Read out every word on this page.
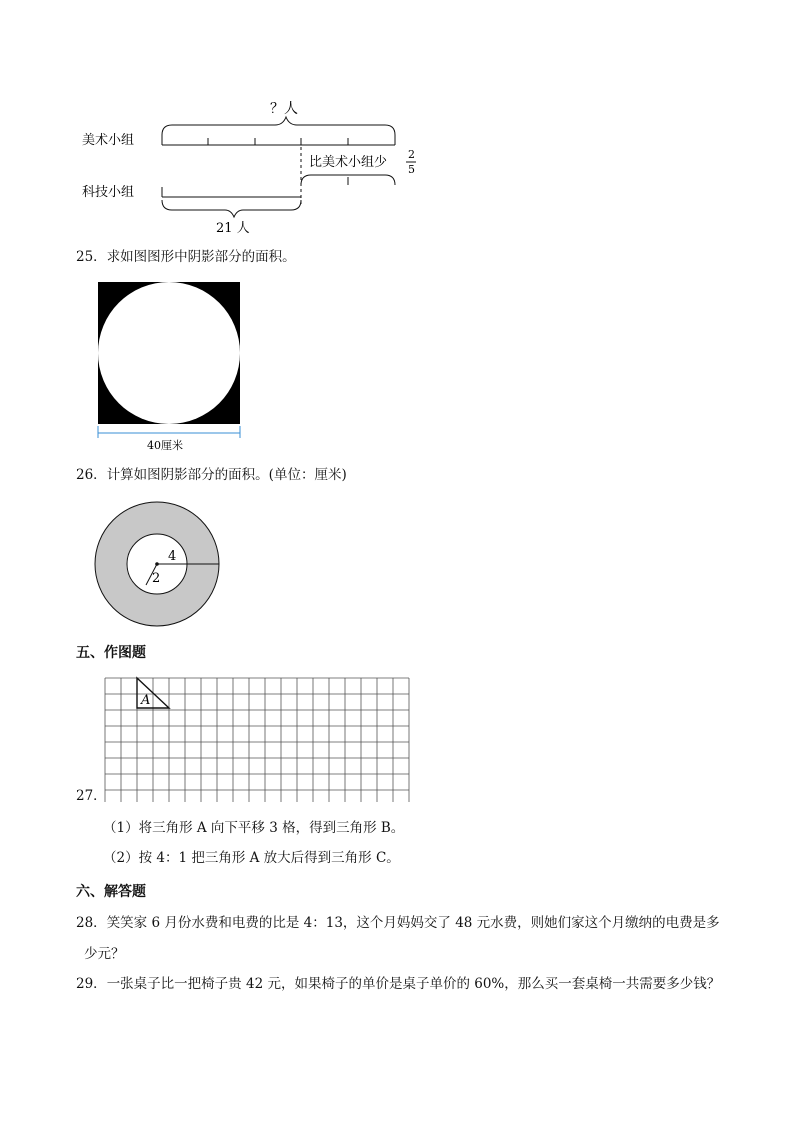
？人
美术小组
比美术小组少
2
5
科技小组
21 人
25．求如图图形中阴影部分的面积。
40厘米
26．计算如图阴影部分的面积。(单位：厘米)
4
2
五、作图题
27．
A
（1）将三角形 A 向下平移 3 格，得到三角形 B。
（2）按 4：1 把三角形 A 放大后得到三角形 C。
六、解答题
28．笑笑家 6 月份水费和电费的比是 4：13，这个月妈妈交了 48 元水费，则她们家这个月缴纳的电费是多
少元？
29．一张桌子比一把椅子贵 42 元，如果椅子的单价是桌子单价的 60%，那么买一套桌椅一共需要多少钱？
